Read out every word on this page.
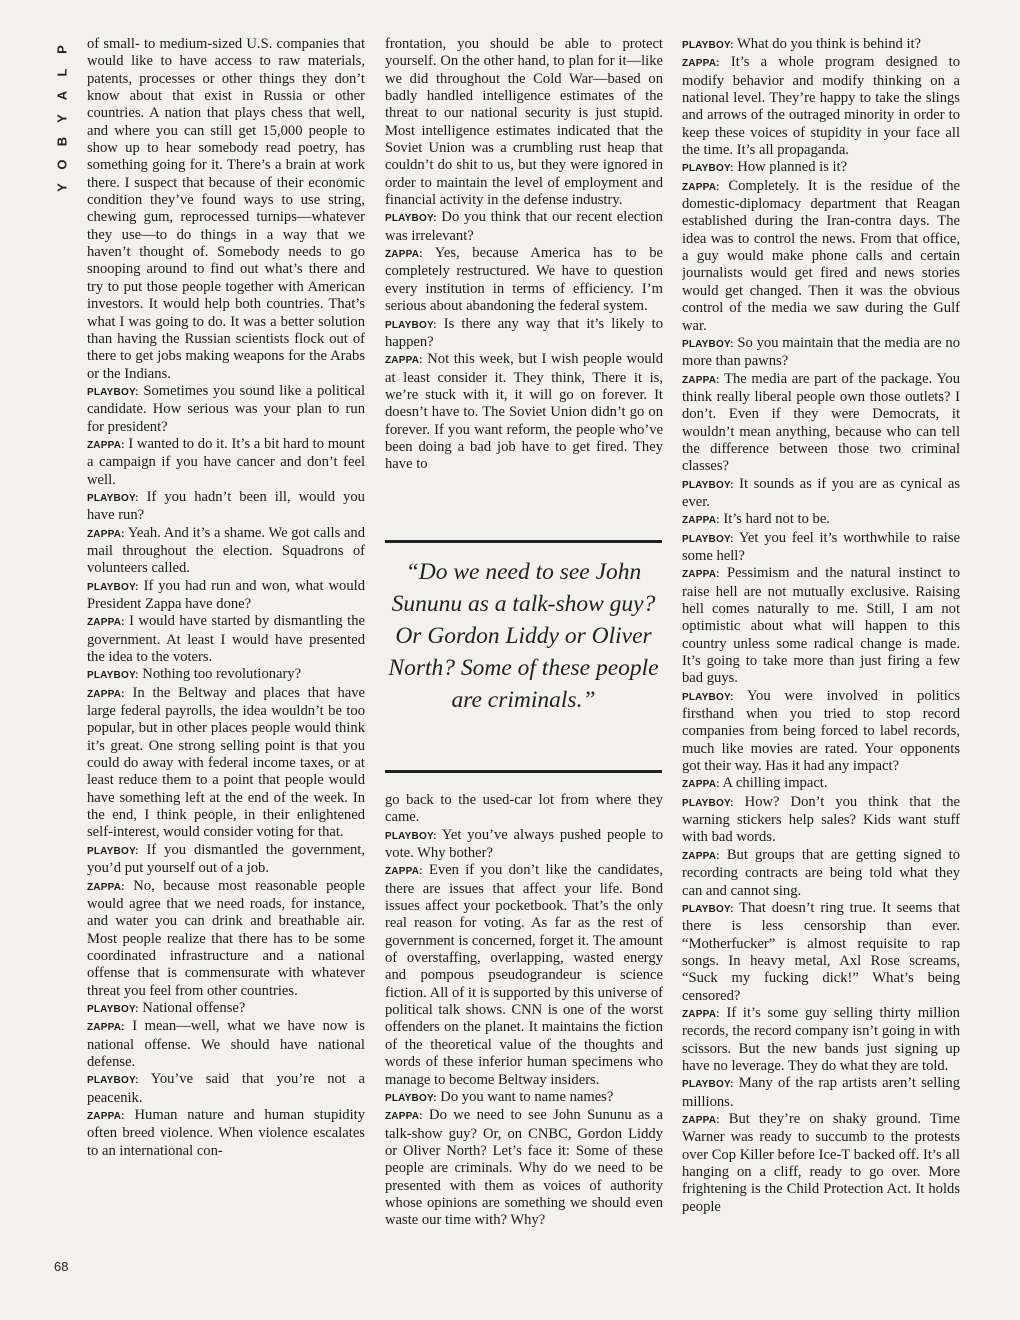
P
L
A
Y
B
O
Y

of small- to medium-sized U.S. companies that would like to have access to raw materials, patents, processes or other things they don’t know about that exist in Russia or other countries. A nation that plays chess that well, and where you can still get 15,000 people to show up to hear somebody read poetry, has something going for it. There’s a brain at work there. I suspect that because of their economic condition they’ve found ways to use string, chewing gum, reprocessed turnips—whatever they use—to do things in a way that we haven’t thought of. Somebody needs to go snooping around to find out what’s there and try to put those people together with American investors. It would help both countries. That’s what I was going to do. It was a better solution than having the Russian scientists flock out of there to get jobs making weapons for the Arabs or the Indians.

PLAYBOY: Sometimes you sound like a political candidate. How serious was your plan to run for president?

ZAPPA: I wanted to do it. It’s a bit hard to mount a campaign if you have cancer and don’t feel well.

PLAYBOY: If you hadn’t been ill, would you have run?

ZAPPA: Yeah. And it’s a shame. We got calls and mail throughout the election. Squadrons of volunteers called.

PLAYBOY: If you had run and won, what would President Zappa have done?

ZAPPA: I would have started by dismantling the government. At least I would have presented the idea to the voters.

PLAYBOY: Nothing too revolutionary?

ZAPPA: In the Beltway and places that have large federal payrolls, the idea wouldn’t be too popular, but in other places people would think it’s great. One strong selling point is that you could do away with federal income taxes, or at least reduce them to a point that people would have something left at the end of the week. In the end, I think people, in their enlightened self-interest, would consider voting for that.

PLAYBOY: If you dismantled the government, you’d put yourself out of a job.

ZAPPA: No, because most reasonable people would agree that we need roads, for instance, and water you can drink and breathable air. Most people realize that there has to be some coordinated infrastructure and a national offense that is commensurate with whatever threat you feel from other countries.

PLAYBOY: National offense?

ZAPPA: I mean—well, what we have now is national offense. We should have national defense.

PLAYBOY: You’ve said that you’re not a peacenik.

ZAPPA: Human nature and human stupidity often breed violence. When violence escalates to an international con-

frontation, you should be able to protect yourself. On the other hand, to plan for it—like we did throughout the Cold War—based on badly handled intelligence estimates of the threat to our national security is just stupid. Most intelligence estimates indicated that the Soviet Union was a crumbling rust heap that couldn’t do shit to us, but they were ignored in order to maintain the level of employment and financial activity in the defense industry.

PLAYBOY: Do you think that our recent election was irrelevant?

ZAPPA: Yes, because America has to be completely restructured. We have to question every institution in terms of efficiency. I’m serious about abandoning the federal system.

PLAYBOY: Is there any way that it’s likely to happen?

ZAPPA: Not this week, but I wish people would at least consider it. They think, There it is, we’re stuck with it, it will go on forever. It doesn’t have to. The Soviet Union didn’t go on forever. If you want reform, the people who’ve been doing a bad job have to get fired. They have to

“Do we need to see John Sununu as a talk-show guy? Or Gordon Liddy or Oliver North? Some of these people are criminals.”

go back to the used-car lot from where they came.

PLAYBOY: Yet you’ve always pushed people to vote. Why bother?

ZAPPA: Even if you don’t like the candidates, there are issues that affect your life. Bond issues affect your pocketbook. That’s the only real reason for voting. As far as the rest of government is concerned, forget it. The amount of overstaffing, overlapping, wasted energy and pompous pseudograndeur is science fiction. All of it is supported by this universe of political talk shows. CNN is one of the worst offenders on the planet. It maintains the fiction of the theoretical value of the thoughts and words of these inferior human specimens who manage to become Beltway insiders.

PLAYBOY: Do you want to name names?

ZAPPA: Do we need to see John Sununu as a talk-show guy? Or, on CNBC, Gordon Liddy or Oliver North? Let’s face it: Some of these people are criminals. Why do we need to be presented with them as voices of authority whose opinions are something we should even waste our time with? Why?

PLAYBOY: What do you think is behind it?

ZAPPA: It’s a whole program designed to modify behavior and modify thinking on a national level. They’re happy to take the slings and arrows of the outraged minority in order to keep these voices of stupidity in your face all the time. It’s all propaganda.

PLAYBOY: How planned is it?

ZAPPA: Completely. It is the residue of the domestic-diplomacy department that Reagan established during the Iran-contra days. The idea was to control the news. From that office, a guy would make phone calls and certain journalists would get fired and news stories would get changed. Then it was the obvious control of the media we saw during the Gulf war.

PLAYBOY: So you maintain that the media are no more than pawns?

ZAPPA: The media are part of the package. You think really liberal people own those outlets? I don’t. Even if they were Democrats, it wouldn’t mean anything, because who can tell the difference between those two criminal classes?

PLAYBOY: It sounds as if you are as cynical as ever.

ZAPPA: It’s hard not to be.

PLAYBOY: Yet you feel it’s worthwhile to raise some hell?

ZAPPA: Pessimism and the natural instinct to raise hell are not mutually exclusive. Raising hell comes naturally to me. Still, I am not optimistic about what will happen to this country unless some radical change is made. It’s going to take more than just firing a few bad guys.

PLAYBOY: You were involved in politics firsthand when you tried to stop record companies from being forced to label records, much like movies are rated. Your opponents got their way. Has it had any impact?

ZAPPA: A chilling impact.

PLAYBOY: How? Don’t you think that the warning stickers help sales? Kids want stuff with bad words.

ZAPPA: But groups that are getting signed to recording contracts are being told what they can and cannot sing.

PLAYBOY: That doesn’t ring true. It seems that there is less censorship than ever. “Motherfucker” is almost requisite to rap songs. In heavy metal, Axl Rose screams, “Suck my fucking dick!” What’s being censored?

ZAPPA: If it’s some guy selling thirty million records, the record company isn’t going in with scissors. But the new bands just signing up have no leverage. They do what they are told.

PLAYBOY: Many of the rap artists aren’t selling millions.

ZAPPA: But they’re on shaky ground. Time Warner was ready to succumb to the protests over Cop Killer before Ice-T backed off. It’s all hanging on a cliff, ready to go over. More frightening is the Child Protection Act. It holds people

68
